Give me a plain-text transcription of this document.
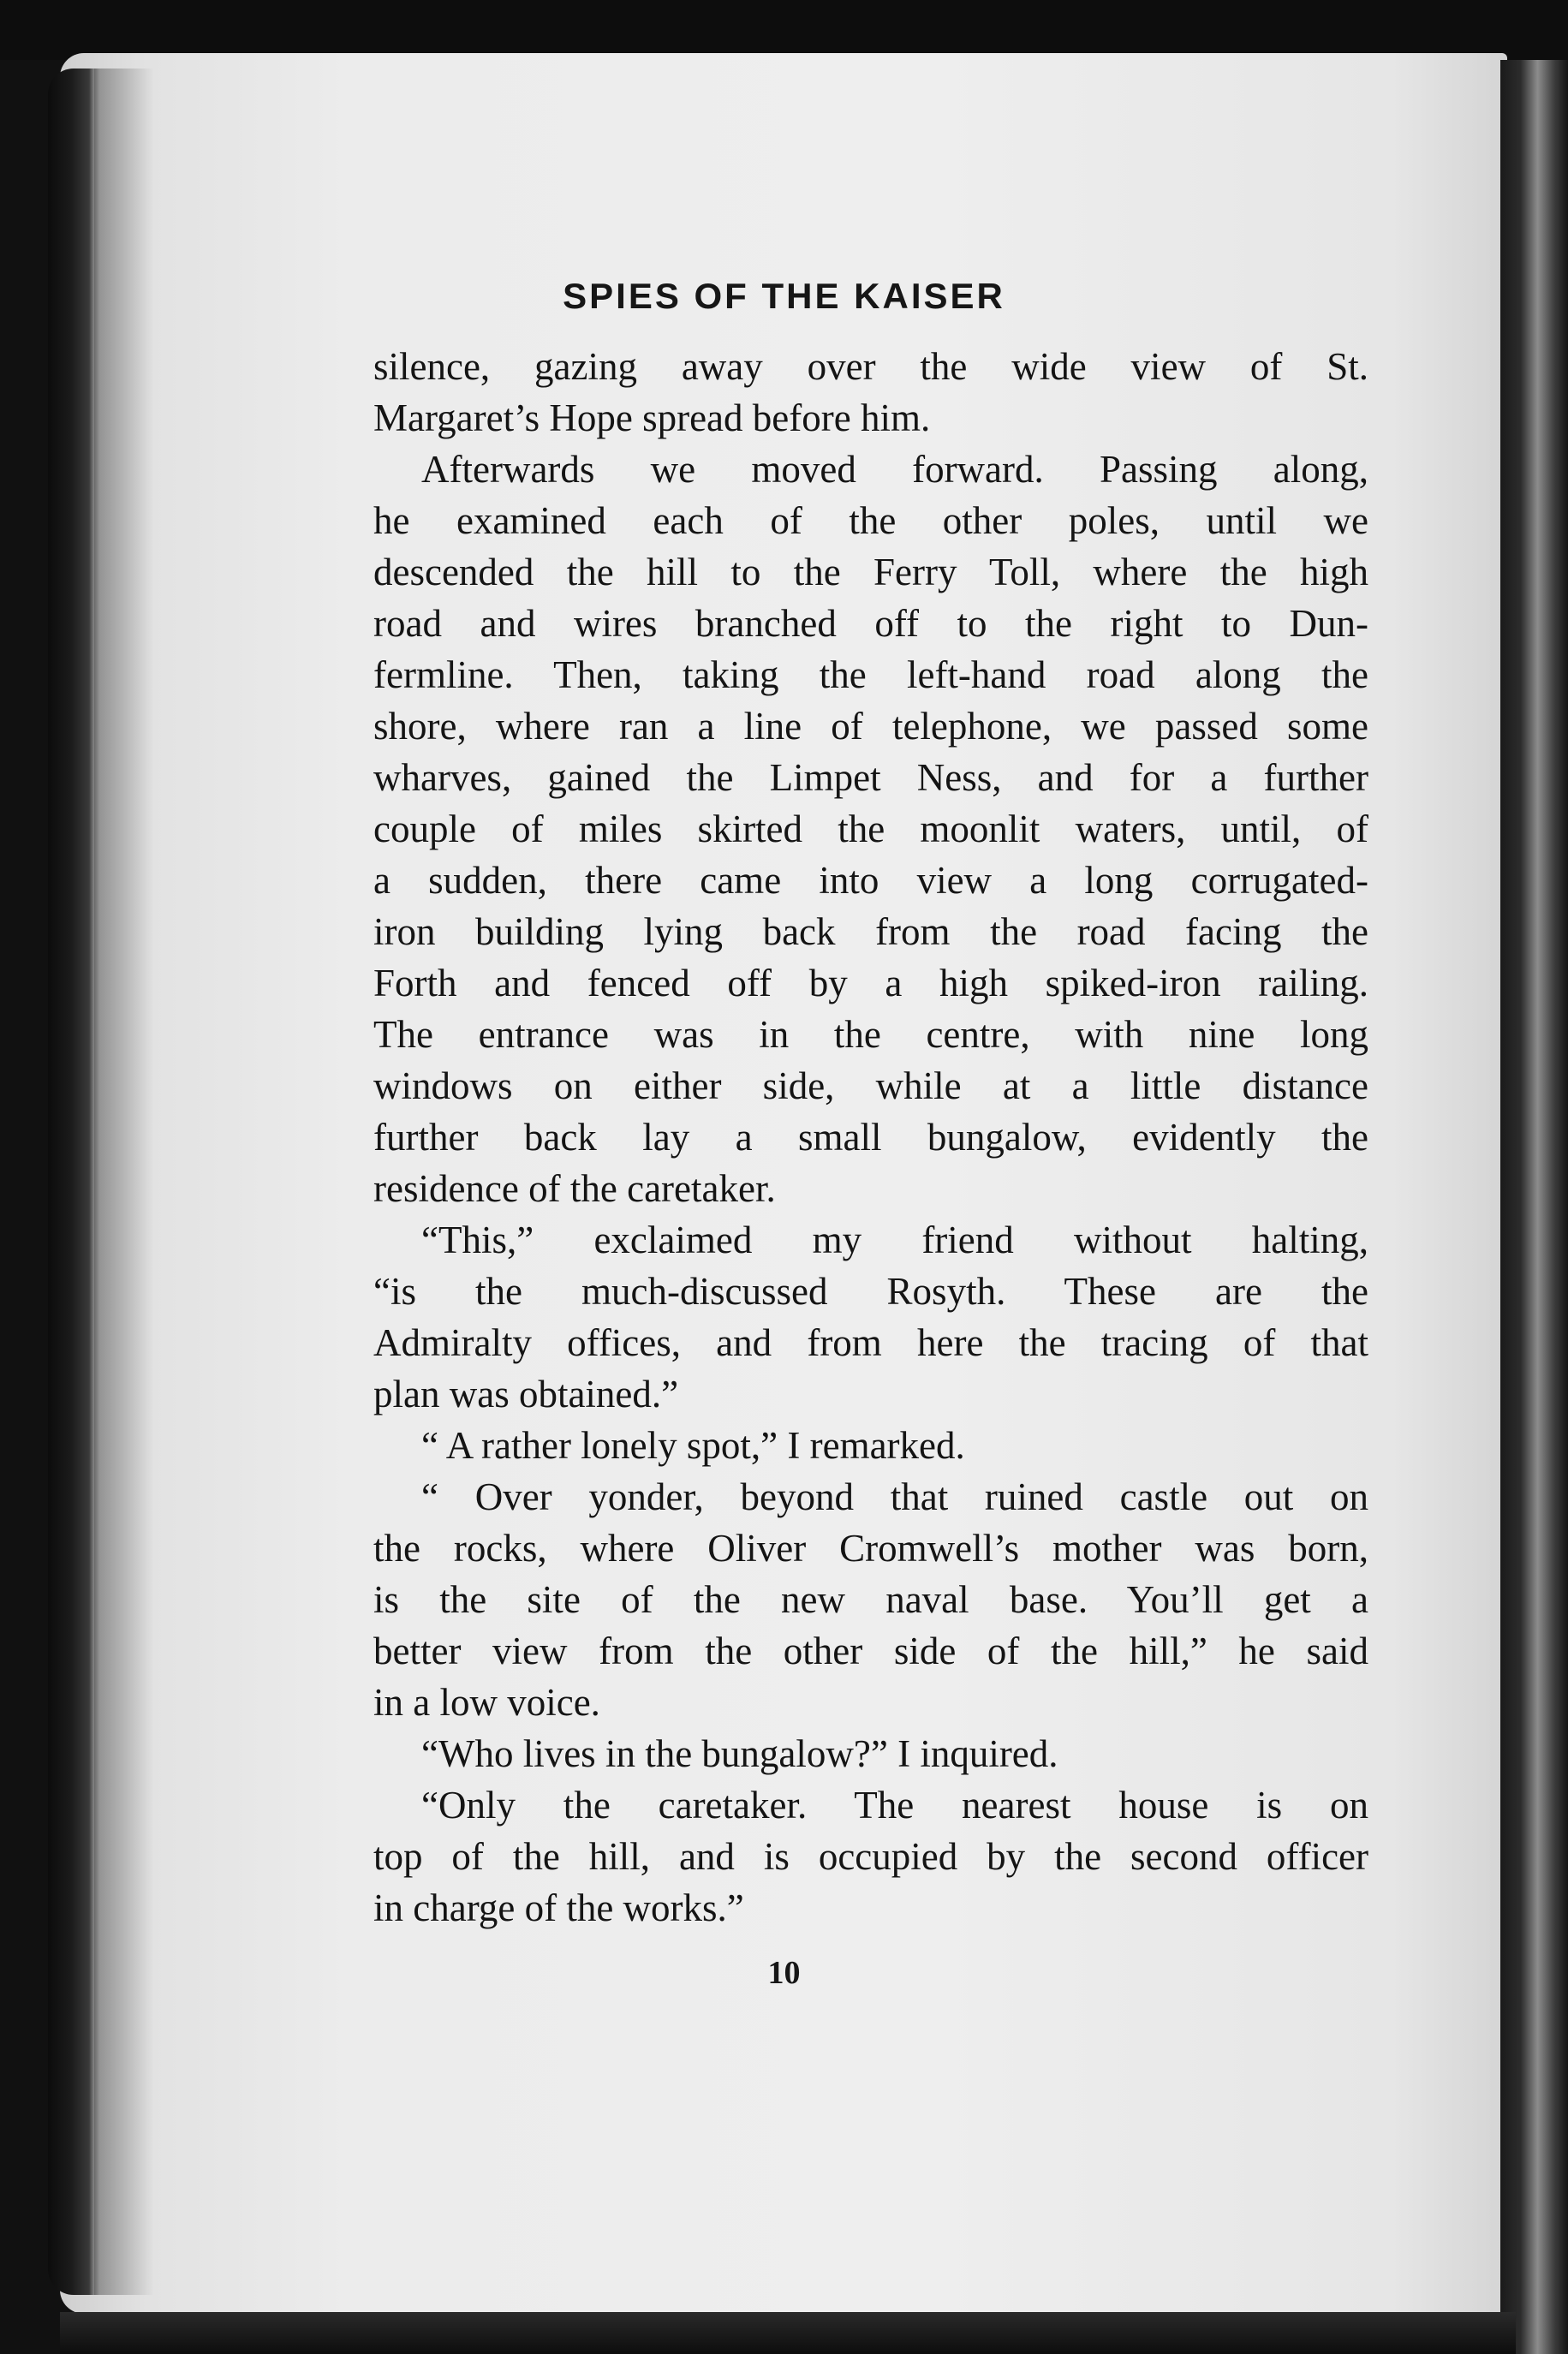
SPIES OF THE KAISER
silence, gazing away over the wide view of St.
Margaret’s Hope spread before him.
Afterwards we moved forward. Passing along,
he examined each of the other poles, until we
descended the hill to the Ferry Toll, where the high
road and wires branched off to the right to Dun-
fermline. Then, taking the left-hand road along the
shore, where ran a line of telephone, we passed some
wharves, gained the Limpet Ness, and for a further
couple of miles skirted the moonlit waters, until, of
a sudden, there came into view a long corrugated-
iron building lying back from the road facing the
Forth and fenced off by a high spiked-iron railing.
The entrance was in the centre, with nine long
windows on either side, while at a little distance
further back lay a small bungalow, evidently the
residence of the caretaker.
“This,” exclaimed my friend without halting,
“is the much-discussed Rosyth. These are the
Admiralty offices, and from here the tracing of that
plan was obtained.”
“ A rather lonely spot,” I remarked.
“ Over yonder, beyond that ruined castle out on
the rocks, where Oliver Cromwell’s mother was born,
is the site of the new naval base. You’ll get a
better view from the other side of the hill,” he said
in a low voice.
“Who lives in the bungalow?” I inquired.
“Only the caretaker. The nearest house is on
top of the hill, and is occupied by the second officer
in charge of the works.”
10
